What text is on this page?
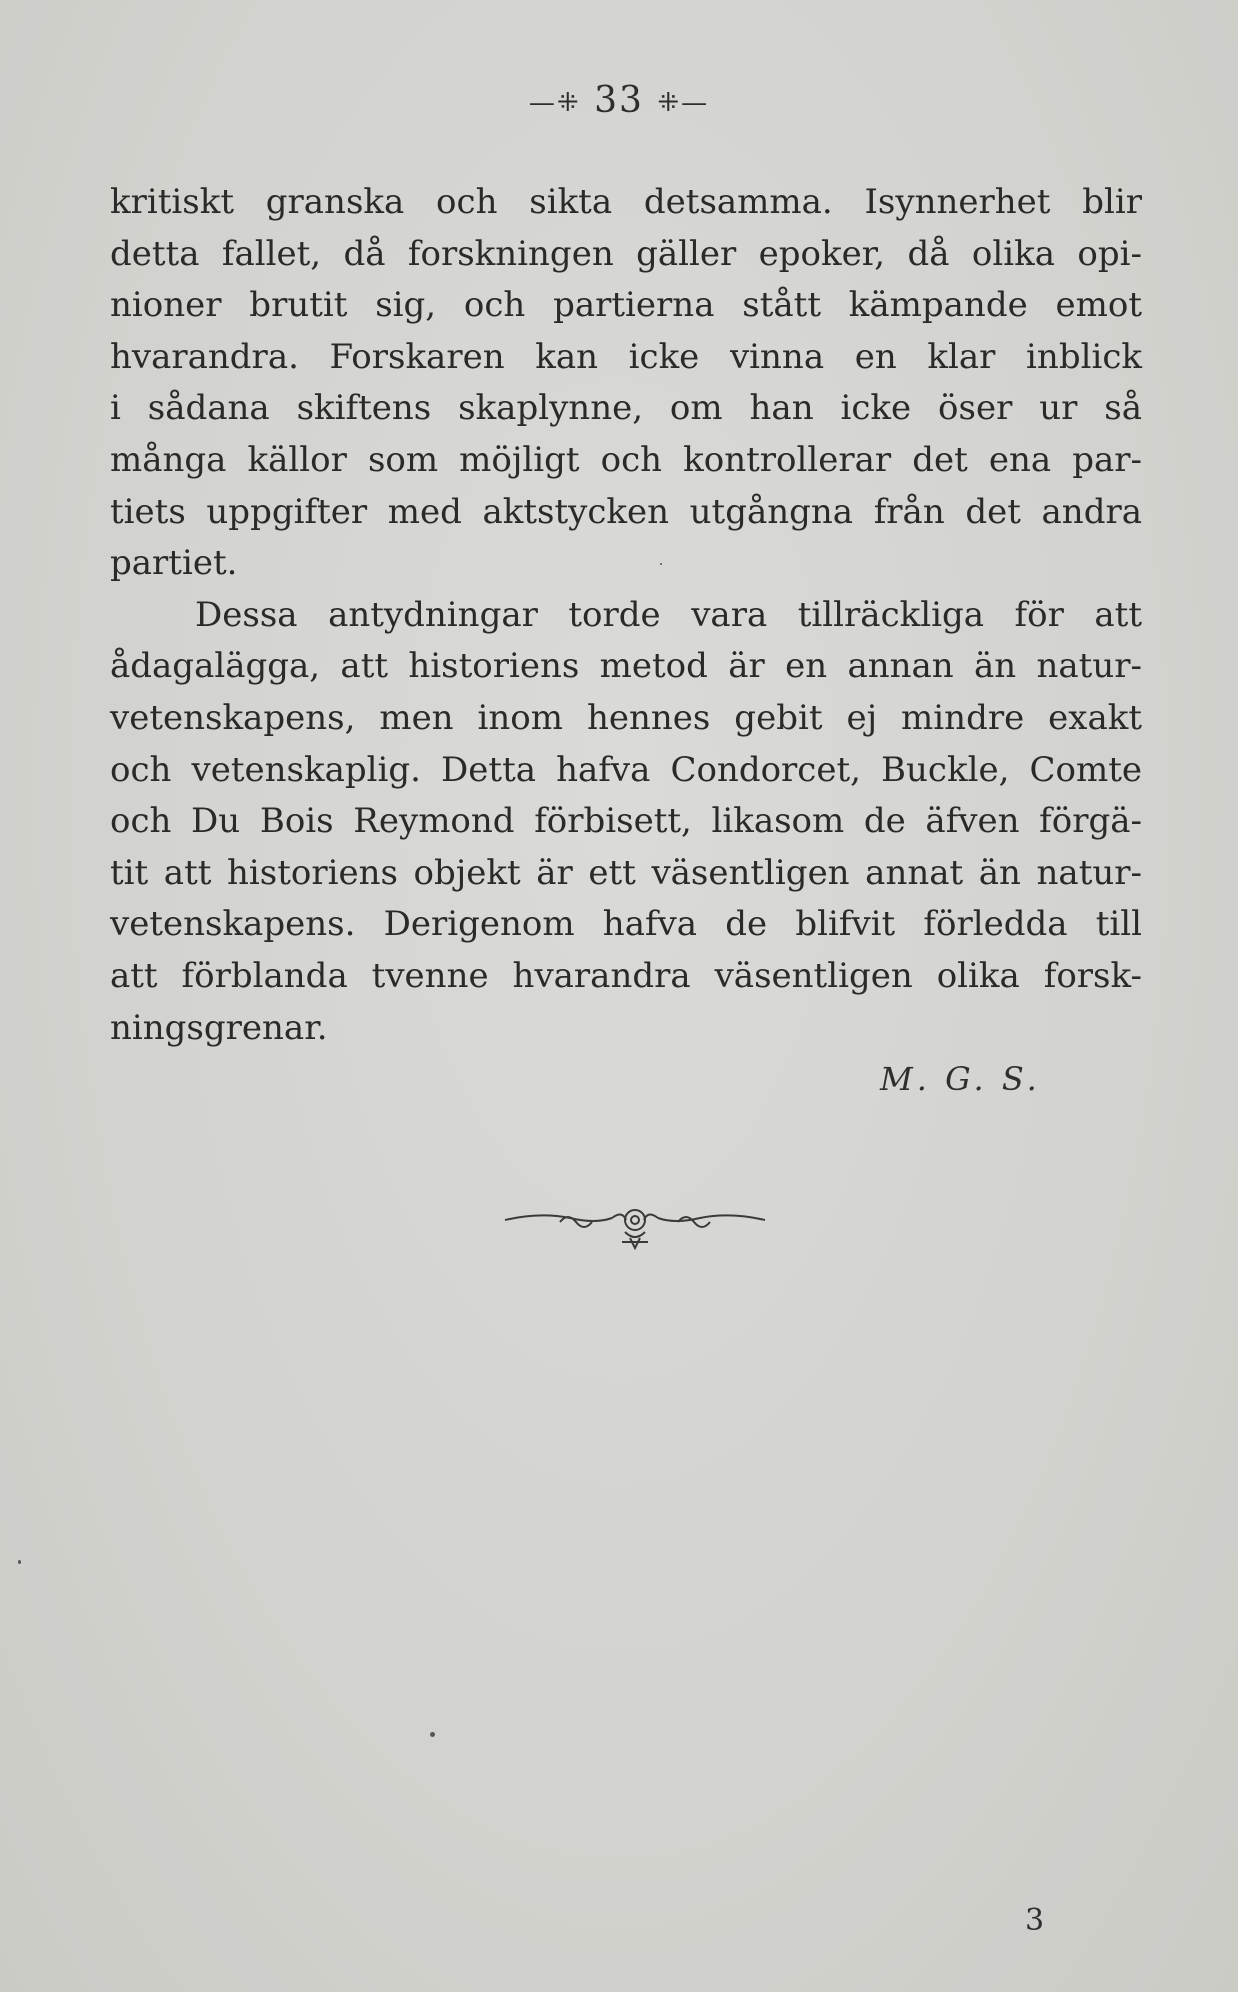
—⁜ 33 ⁜—
kritiskt granska och sikta detsamma. Isynnerhet blir
detta fallet, då forskningen gäller epoker, då olika opi-
nioner brutit sig, och partierna stått kämpande emot
hvarandra. Forskaren kan icke vinna en klar inblick
i sådana skiftens skaplynne, om han icke öser ur så
många källor som möjligt och kontrollerar det ena par-
tiets uppgifter med aktstycken utgångna från det andra
partiet.
Dessa antydningar torde vara tillräckliga för att
ådagalägga, att historiens metod är en annan än natur-
vetenskapens, men inom hennes gebit ej mindre exakt
och vetenskaplig. Detta hafva Condorcet, Buckle, Comte
och Du Bois Reymond förbisett, likasom de äfven förgä-
tit att historiens objekt är ett väsentligen annat än natur-
vetenskapens. Derigenom hafva de blifvit förledda till
att förblanda tvenne hvarandra väsentligen olika forsk-
ningsgrenar.
M. G. S.
3
